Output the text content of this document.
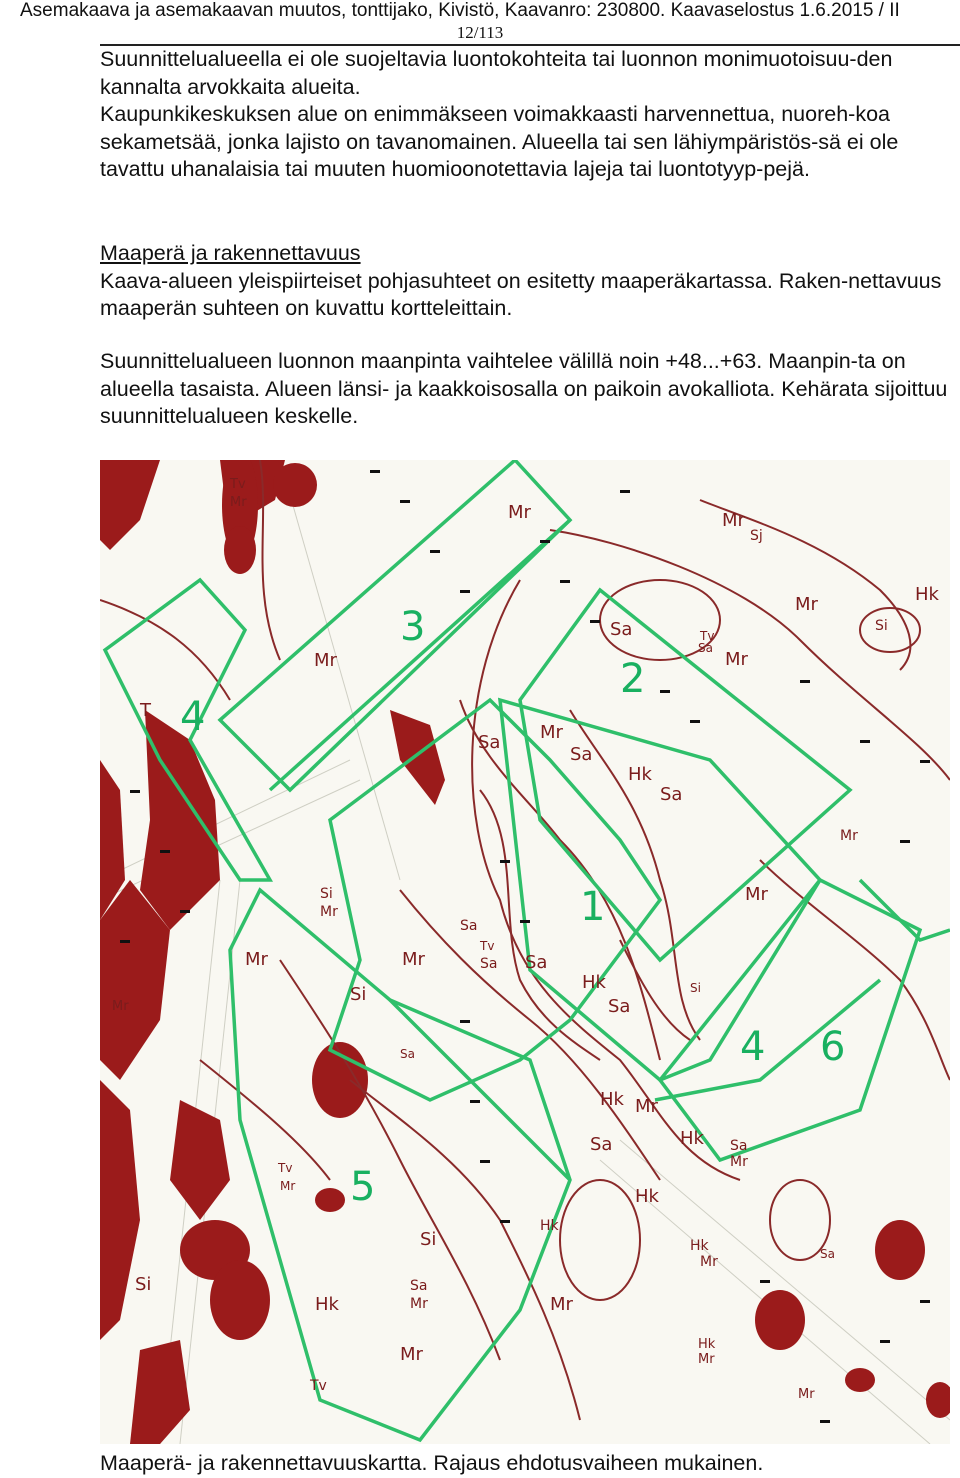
Asemakaava ja asemakaavan muutos, tonttijako, Kivistö, Kaavanro: 230800. Kaavaselostus 1.6.2015 / II
12/113
Suunnittelualueella ei ole suojeltavia luontokohteita tai luonnon monimuotoisuu-den kannalta arvokkaita alueita.
Kaupunkikeskuksen alue on enimmäkseen voimakkaasti harvennettua, nuoreh-koa sekametsää, jonka lajisto on tavanomainen. Alueella tai sen lähiympäristös-sä ei ole tavattu uhanalaisia tai muuten huomioonotettavia lajeja tai luontotyyp-pejä.
Maaperä ja rakennettavuus
Kaava-alueen yleispiirteiset pohjasuhteet on esitetty maaperäkartassa. Raken-nettavuus maaperän suhteen on kuvattu kortteleittain.
Suunnittelualueen luonnon maanpinta vaihtelee välillä noin +48...+63. Maanpin-ta on alueella tasaista. Alueen länsi- ja kaakkoisosalla on paikoin avokalliota. Kehärata sijoittuu suunnittelualueen keskelle.
3
2
4
1
4 6
5
Mr
Tv
Mr
Sj
Mr
Mr	Hk
Si
Sa	Tv
Sa
Mr
Mr
T
Sa Mr
Sa
Hk
Sa
Mr
Si
Mr
Mr
Si
Mr
Sa
Tv
Sa Sa
Hk
Sa
Mr
Si
Mr
Sa
Sa
Hk Mr
Hk Sa
Mr
Tv
Mr	Hk
Sa
Hk
Si
Sa
Mr	Mr
Si
Hk
Mr
Tv
Mr
Hk
Mr
Hk
Mr
Maaperä- ja rakennettavuuskartta. Rajaus ehdotusvaiheen mukainen.
